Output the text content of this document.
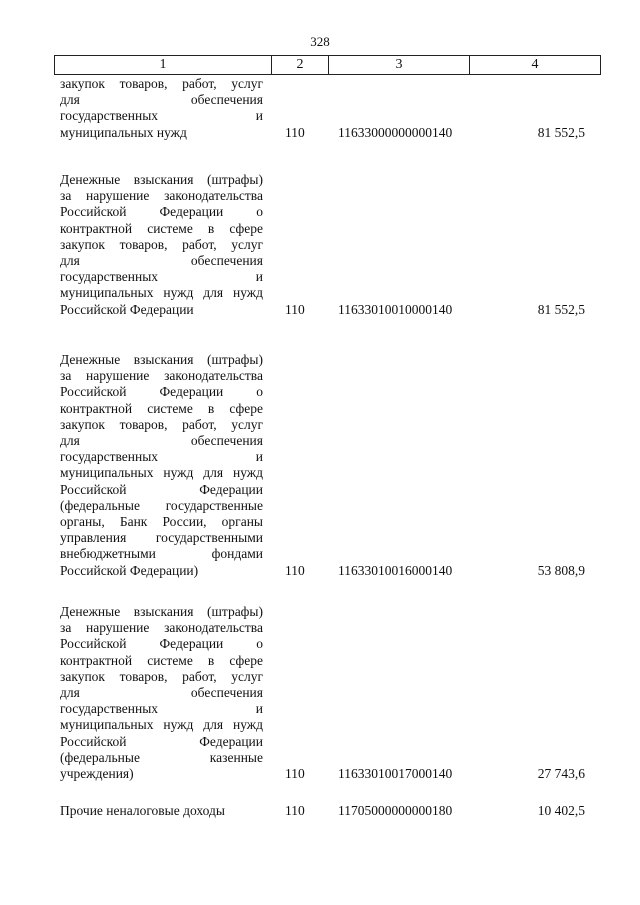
328
1	2	3	4
закупок товаров, работ, услуг
для обеспечения
государственных и
муниципальных нужд	110 11633000000000140	81 552,5
Денежные взыскания (штрафы)
за нарушение законодательства
Российской Федерации о
контрактной системе в сфере
закупок товаров, работ, услуг
для обеспечения
государственных и
муниципальных нужд для нужд
Российской Федерации	110 11633010010000140	81 552,5
Денежные взыскания (штрафы)
за нарушение законодательства
Российской Федерации о
контрактной системе в сфере
закупок товаров, работ, услуг
для обеспечения
государственных и
муниципальных нужд для нужд
Российской Федерации
(федеральные государственные
органы, Банк России, органы
управления государственными
внебюджетными фондами
Российской Федерации)	110 11633010016000140	53 808,9
Денежные взыскания (штрафы)
за нарушение законодательства
Российской Федерации о
контрактной системе в сфере
закупок товаров, работ, услуг
для обеспечения
государственных и
муниципальных нужд для нужд
Российской Федерации
(федеральные казенные
учреждения)	110 11633010017000140	27 743,6
Прочие неналоговые доходы	110 11705000000000180	10 402,5
